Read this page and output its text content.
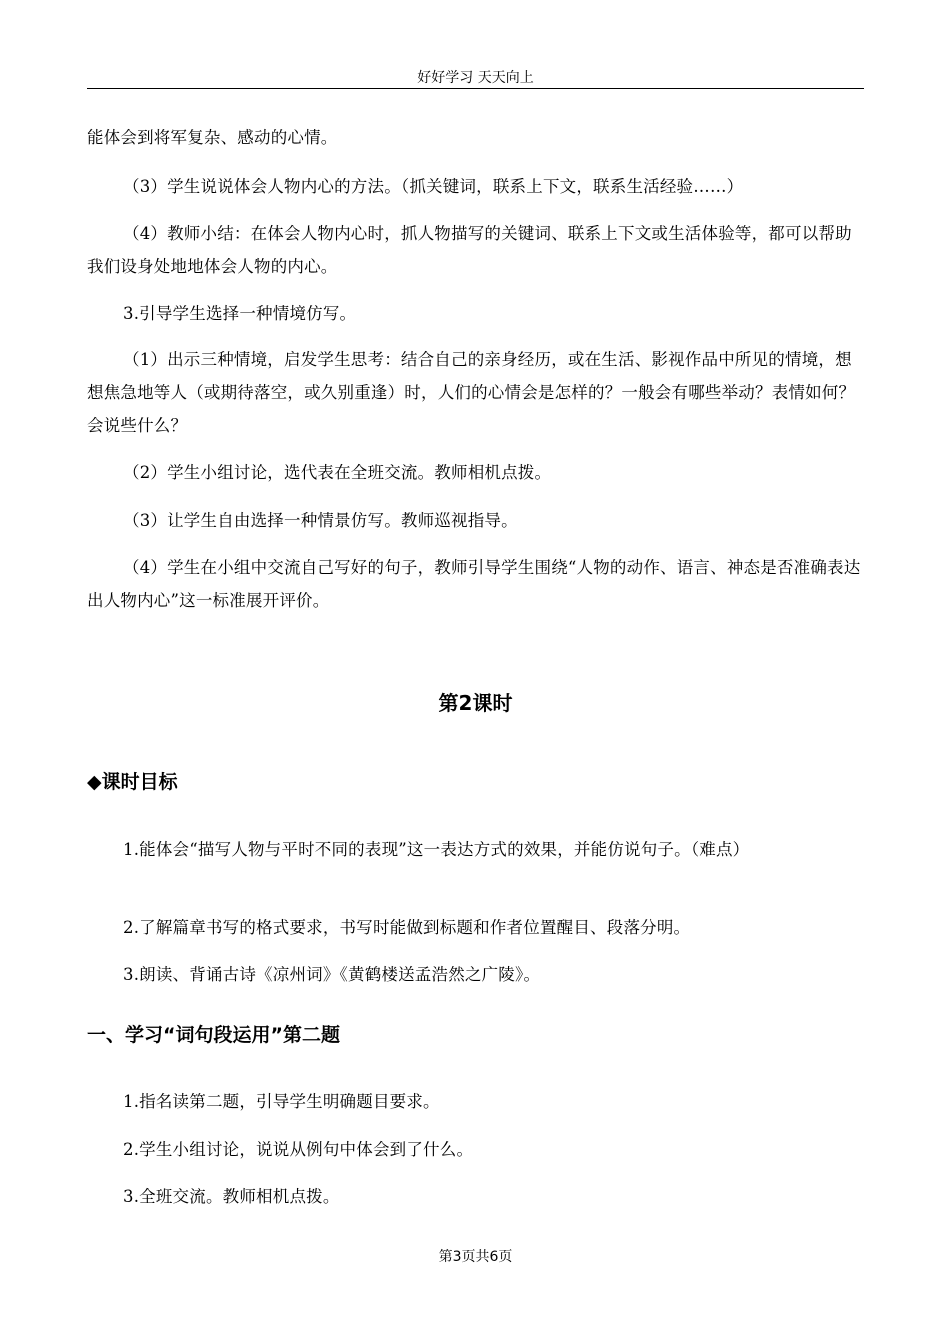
好好学习 天天向上

能体会到将军复杂、感动的心情。

（3）学生说说体会人物内心的方法。（抓关键词，联系上下文，联系生活经验……）

（4）教师小结：在体会人物内心时，抓人物描写的关键词、联系上下文或生活体验等，都可以帮助我们设身处地地体会人物的内心。

3.引导学生选择一种情境仿写。

（1）出示三种情境，启发学生思考：结合自己的亲身经历，或在生活、影视作品中所见的情境，想想焦急地等人（或期待落空，或久别重逢）时，人们的心情会是怎样的？一般会有哪些举动？表情如何？会说些什么？

（2）学生小组讨论，选代表在全班交流。教师相机点拨。

（3）让学生自由选择一种情景仿写。教师巡视指导。

（4）学生在小组中交流自己写好的句子，教师引导学生围绕“人物的动作、语言、神态是否准确表达出人物内心”这一标准展开评价。

第2课时
◆课时目标

1.能体会“描写人物与平时不同的表现”这一表达方式的效果，并能仿说句子。（难点）

2.了解篇章书写的格式要求，书写时能做到标题和作者位置醒目、段落分明。

3.朗读、背诵古诗《凉州词》《黄鹤楼送孟浩然之广陵》。

一、学习“词句段运用”第二题

1.指名读第二题，引导学生明确题目要求。

2.学生小组讨论，说说从例句中体会到了什么。

3.全班交流。教师相机点拨。

第3页共6页
